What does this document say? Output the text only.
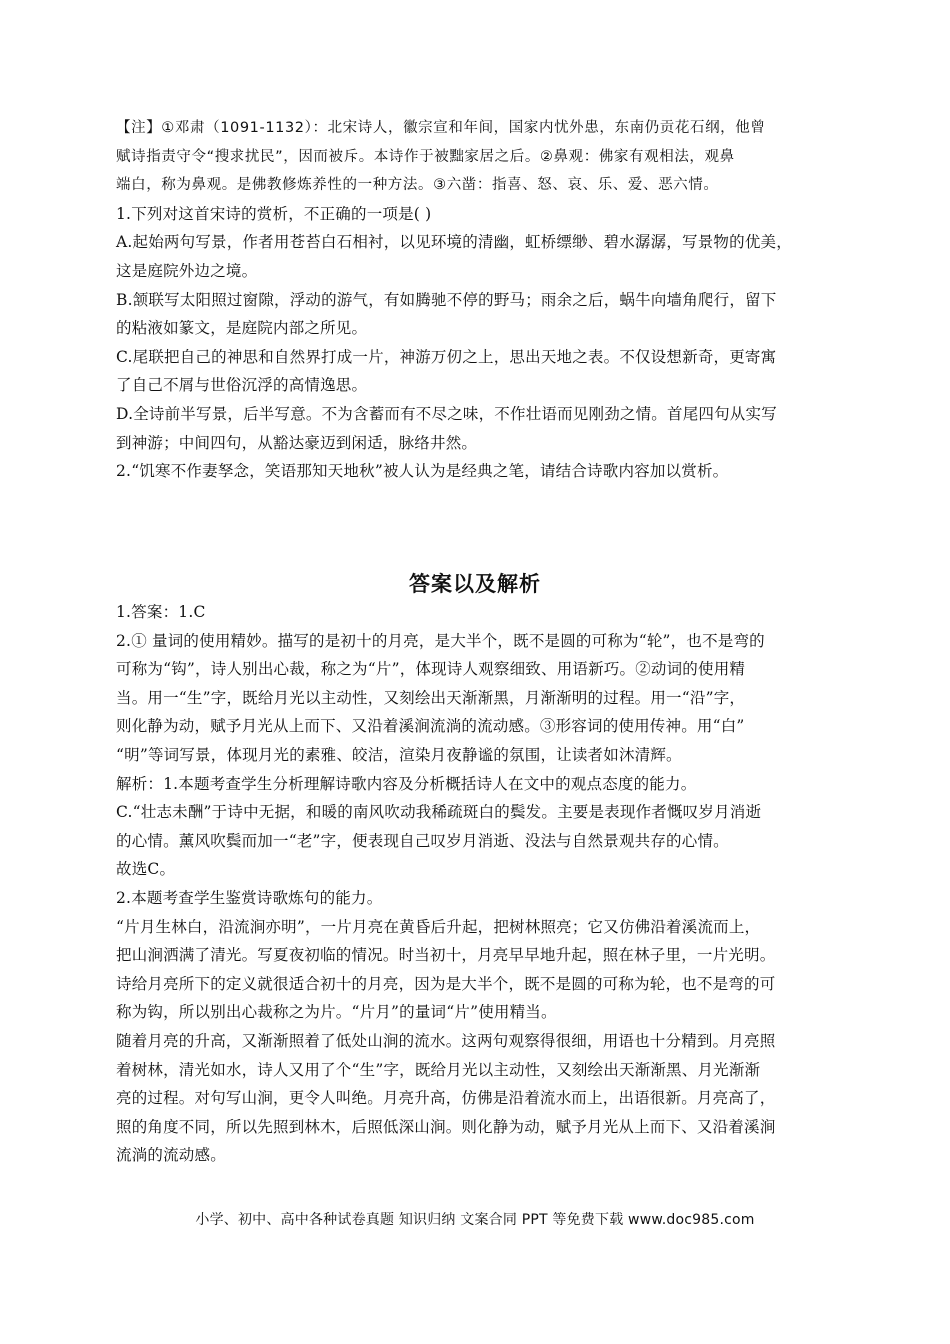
【注】①邓肃（1091-1132）：北宋诗人，徽宗宣和年间，国家内忧外患，东南仍贡花石纲，他曾
赋诗指责守令“搜求扰民”，因而被斥。本诗作于被黜家居之后。②鼻观：佛家有观相法，观鼻
端白，称为鼻观。是佛教修炼养性的一种方法。③六凿：指喜、怒、哀、乐、爱、恶六情。
1.下列对这首宋诗的赏析，不正确的一项是( )
A.起始两句写景，作者用苍苔白石相衬，以见环境的清幽，虹桥缥缈、碧水潺潺，写景物的优美，
这是庭院外边之境。
B.颔联写太阳照过窗隙，浮动的游气，有如腾驰不停的野马；雨余之后，蜗牛向墙角爬行，留下
的粘液如篆文，是庭院内部之所见。
C.尾联把自己的神思和自然界打成一片，神游万仞之上，思出天地之表。不仅设想新奇，更寄寓
了自己不屑与世俗沉浮的高情逸思。
D.全诗前半写景，后半写意。不为含蓄而有不尽之味，不作壮语而见刚劲之情。首尾四句从实写
到神游；中间四句，从豁达豪迈到闲适，脉络井然。
2.“饥寒不作妻孥念，笑语那知天地秋”被人认为是经典之笔，请结合诗歌内容加以赏析。
答案以及解析
1.答案：1.C
2.① 量词的使用精妙。描写的是初十的月亮，是大半个，既不是圆的可称为“轮”，也不是弯的
可称为“钩”，诗人别出心裁，称之为“片”，体现诗人观察细致、用语新巧。②动词的使用精
当。用一“生”字，既给月光以主动性，又刻绘出天渐渐黑，月渐渐明的过程。用一“沿”字，
则化静为动，赋予月光从上而下、又沿着溪涧流淌的流动感。③形容词的使用传神。用“白”
“明”等词写景，体现月光的素雅、皎洁，渲染月夜静谧的氛围，让读者如沐清辉。
解析：1.本题考查学生分析理解诗歌内容及分析概括诗人在文中的观点态度的能力。
C.“壮志未酬”于诗中无据，和暖的南风吹动我稀疏斑白的鬓发。主要是表现作者慨叹岁月消逝
的心情。薰风吹鬓而加一“老”字，便表现自己叹岁月消逝、没法与自然景观共存的心情。
故选C。
2.本题考查学生鉴赏诗歌炼句的能力。
“片月生林白，沿流涧亦明”，一片月亮在黄昏后升起，把树林照亮；它又仿佛沿着溪流而上，
把山涧洒满了清光。写夏夜初临的情况。时当初十，月亮早早地升起，照在林子里，一片光明。
诗给月亮所下的定义就很适合初十的月亮，因为是大半个，既不是圆的可称为轮，也不是弯的可
称为钩，所以别出心裁称之为片。“片月”的量词“片”使用精当。
随着月亮的升高，又渐渐照着了低处山涧的流水。这两句观察得很细，用语也十分精到。月亮照
着树林，清光如水，诗人又用了个“生”字，既给月光以主动性，又刻绘出天渐渐黑、月光渐渐
亮的过程。对句写山涧，更令人叫绝。月亮升高，仿佛是沿着流水而上，出语很新。月亮高了，
照的角度不同，所以先照到林木，后照低深山涧。则化静为动，赋予月光从上而下、又沿着溪涧
流淌的流动感。
小学、初中、高中各种试卷真题 知识归纳 文案合同 PPT 等免费下载 www.doc985.com
